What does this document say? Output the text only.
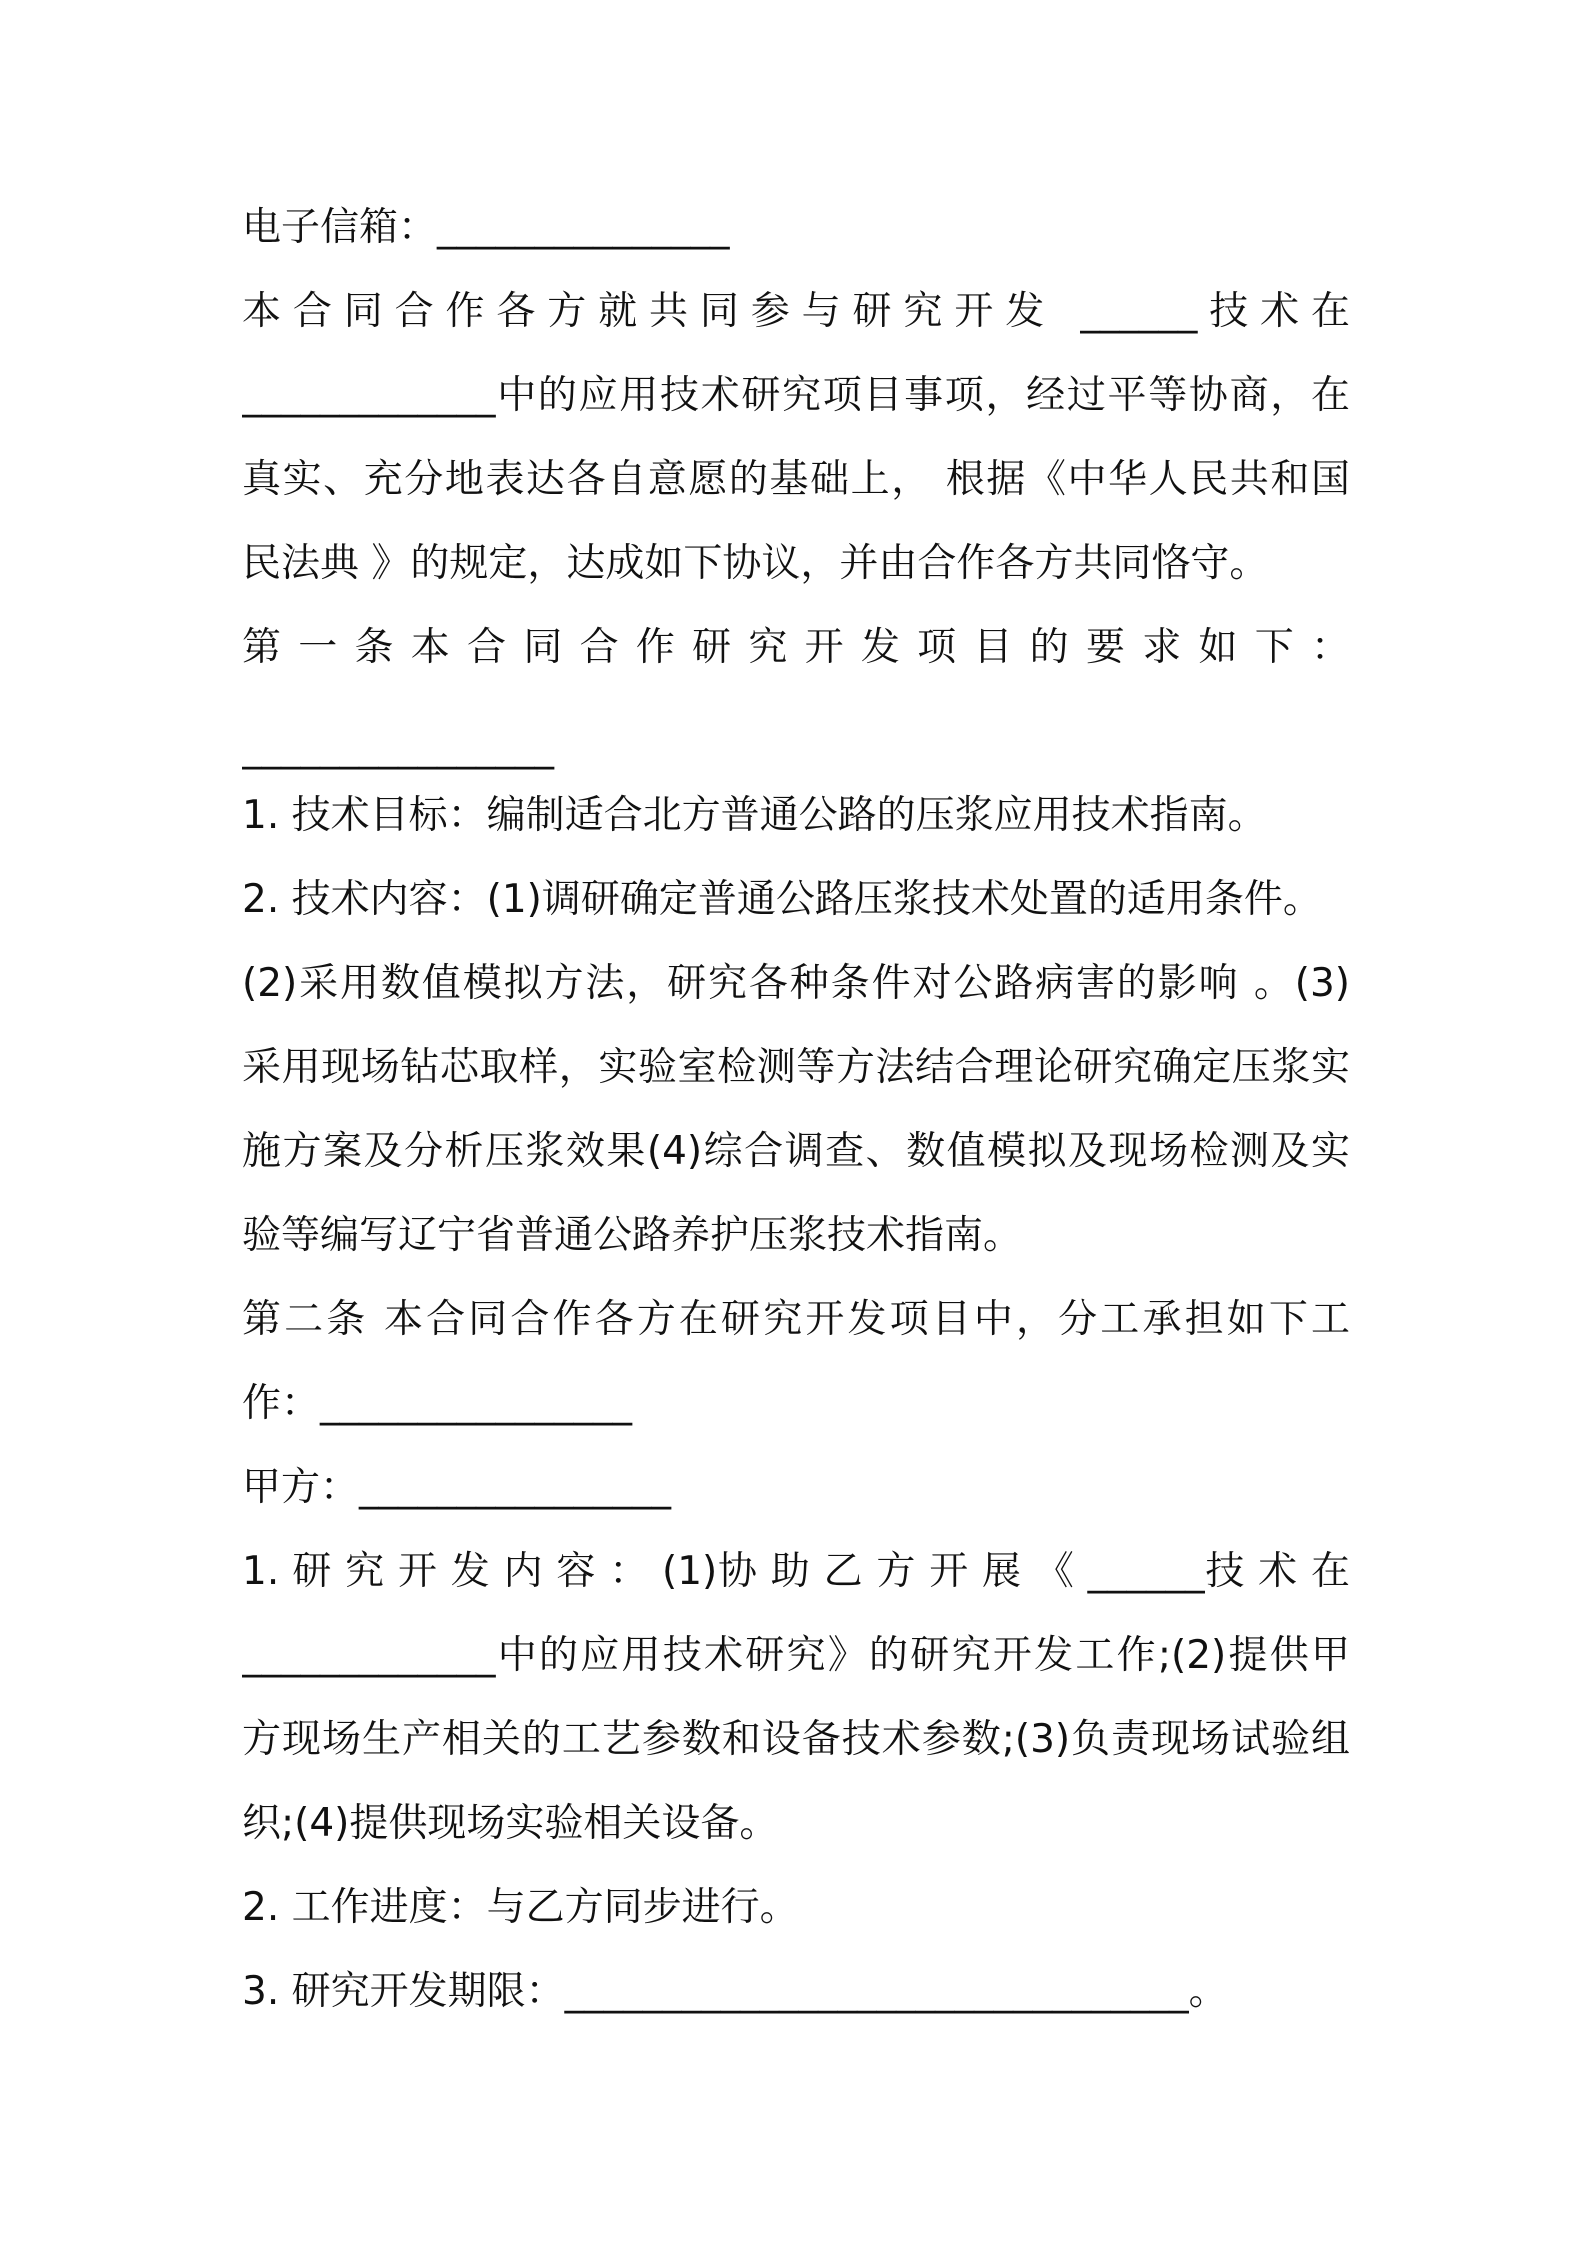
电子信箱：_______________
本合同合作各方就共同参与研究开发 ______技术在
_____________中的应用技术研究项目事项，经过平等协商，在
真实、充分地表达各自意愿的基础上， 根据《中华人民共和国
民法典 》的规定，达成如下协议，并由合作各方共同恪守。
第 一 条 本 合 同 合 作 研 究 开 发 项 目 的 要 求 如 下 ：
________________
1. 技术目标：编制适合北方普通公路的压浆应用技术指南。
2. 技术内容：(1)调研确定普通公路压浆技术处置的适用条件。
(2)采用数值模拟方法，研究各种条件对公路病害的影响 。(3)
采用现场钻芯取样，实验室检测等方法结合理论研究确定压浆实
施方案及分析压浆效果(4)综合调查、数值模拟及现场检测及实
验等编写辽宁省普通公路养护压浆技术指南。
第二条 本合同合作各方在研究开发项目中，分工承担如下工
作：________________
甲方：________________
1. 研 究 开 发 内 容 ： (1)协 助 乙 方 开 展 《 ______技 术 在
_____________中的应用技术研究》的研究开发工作;(2)提供甲
方现场生产相关的工艺参数和设备技术参数;(3)负责现场试验组
织;(4)提供现场实验相关设备。
2. 工作进度：与乙方同步进行。
3. 研究开发期限：________________________________。
